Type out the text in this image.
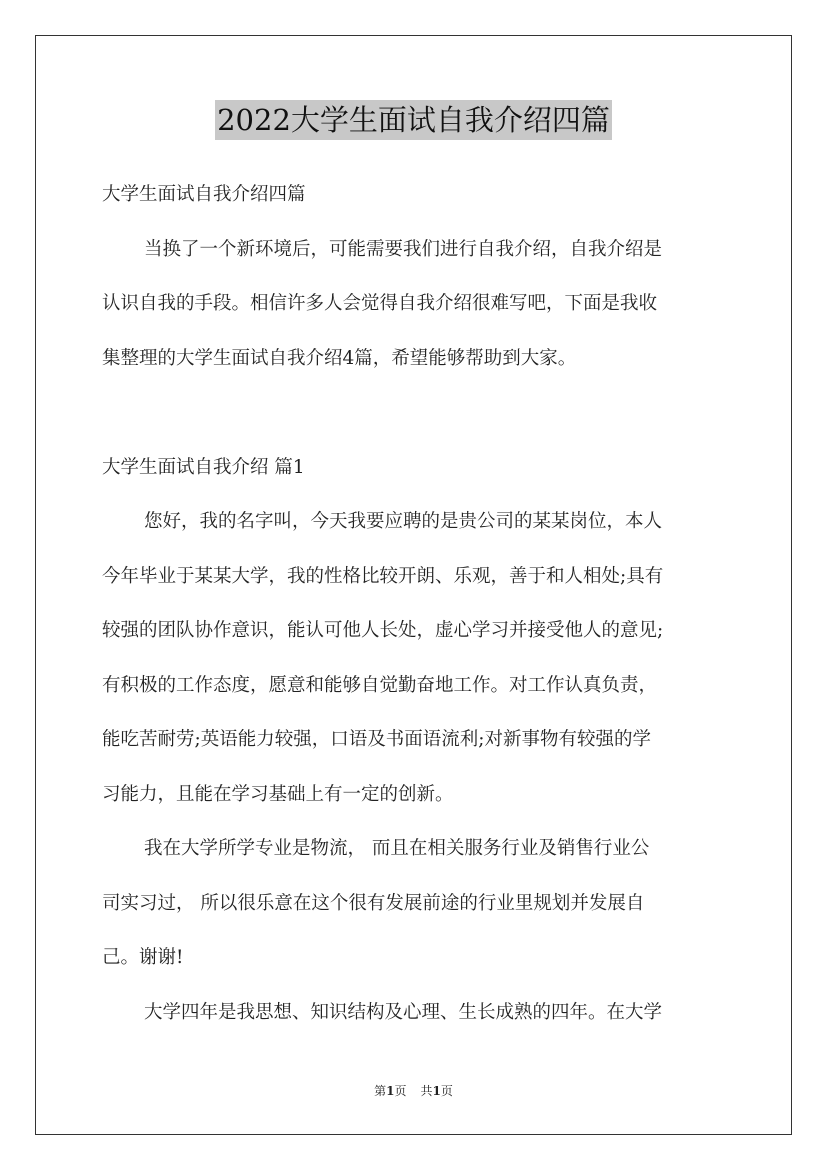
2022大学生面试自我介绍四篇
大学生面试自我介绍四篇
当换了一个新环境后，可能需要我们进行自我介绍，自我介绍是
认识自我的手段。相信许多人会觉得自我介绍很难写吧，下面是我收
集整理的大学生面试自我介绍4篇，希望能够帮助到大家。
大学生面试自我介绍 篇1
您好，我的名字叫，今天我要应聘的是贵公司的某某岗位，本人
今年毕业于某某大学，我的性格比较开朗、乐观，善于和人相处;具有
较强的团队协作意识，能认可他人长处，虚心学习并接受他人的意见;
有积极的工作态度，愿意和能够自觉勤奋地工作。对工作认真负责，
能吃苦耐劳;英语能力较强，口语及书面语流利;对新事物有较强的学
习能力，且能在学习基础上有一定的创新。
我在大学所学专业是物流， 而且在相关服务行业及销售行业公
司实习过， 所以很乐意在这个很有发展前途的行业里规划并发展自
己。谢谢!
大学四年是我思想、知识结构及心理、生长成熟的四年。在大学
第1页 共1页
